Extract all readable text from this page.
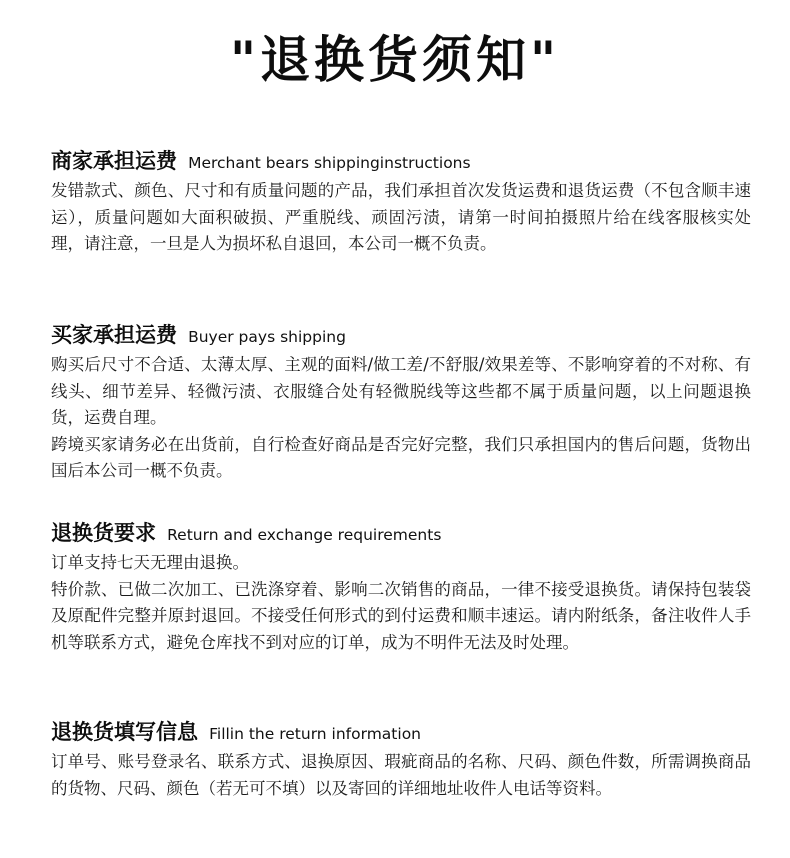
"退换货须知"
商家承担运费 Merchant bears shippinginstructions

发错款式、颜色、尺寸和有质量问题的产品，我们承担首次发货运费和退货运费（不包含顺丰速运），质量问题如大面积破损、严重脱线、顽固污渍，请第一时间拍摄照片给在线客服核实处理，请注意，一旦是人为损坏私自退回，本公司一概不负责。

买家承担运费 Buyer pays shipping

购买后尺寸不合适、太薄太厚、主观的面料/做工差/不舒服/效果差等、不影响穿着的不对称、有线头、细节差异、轻微污渍、衣服缝合处有轻微脱线等这些都不属于质量问题，以上问题退换货，运费自理。

跨境买家请务必在出货前，自行检查好商品是否完好完整，我们只承担国内的售后问题，货物出国后本公司一概不负责。

退换货要求 Return and exchange requirements

订单支持七天无理由退换。

特价款、已做二次加工、已洗涤穿着、影响二次销售的商品，一律不接受退换货。请保持包装袋及原配件完整并原封退回。不接受任何形式的到付运费和顺丰速运。请内附纸条，备注收件人手机等联系方式，避免仓库找不到对应的订单，成为不明件无法及时处理。

退换货填写信息 Fillin the return information

订单号、账号登录名、联系方式、退换原因、瑕疵商品的名称、尺码、颜色件数，所需调换商品的货物、尺码、颜色（若无可不填）以及寄回的详细地址收件人电话等资料。
